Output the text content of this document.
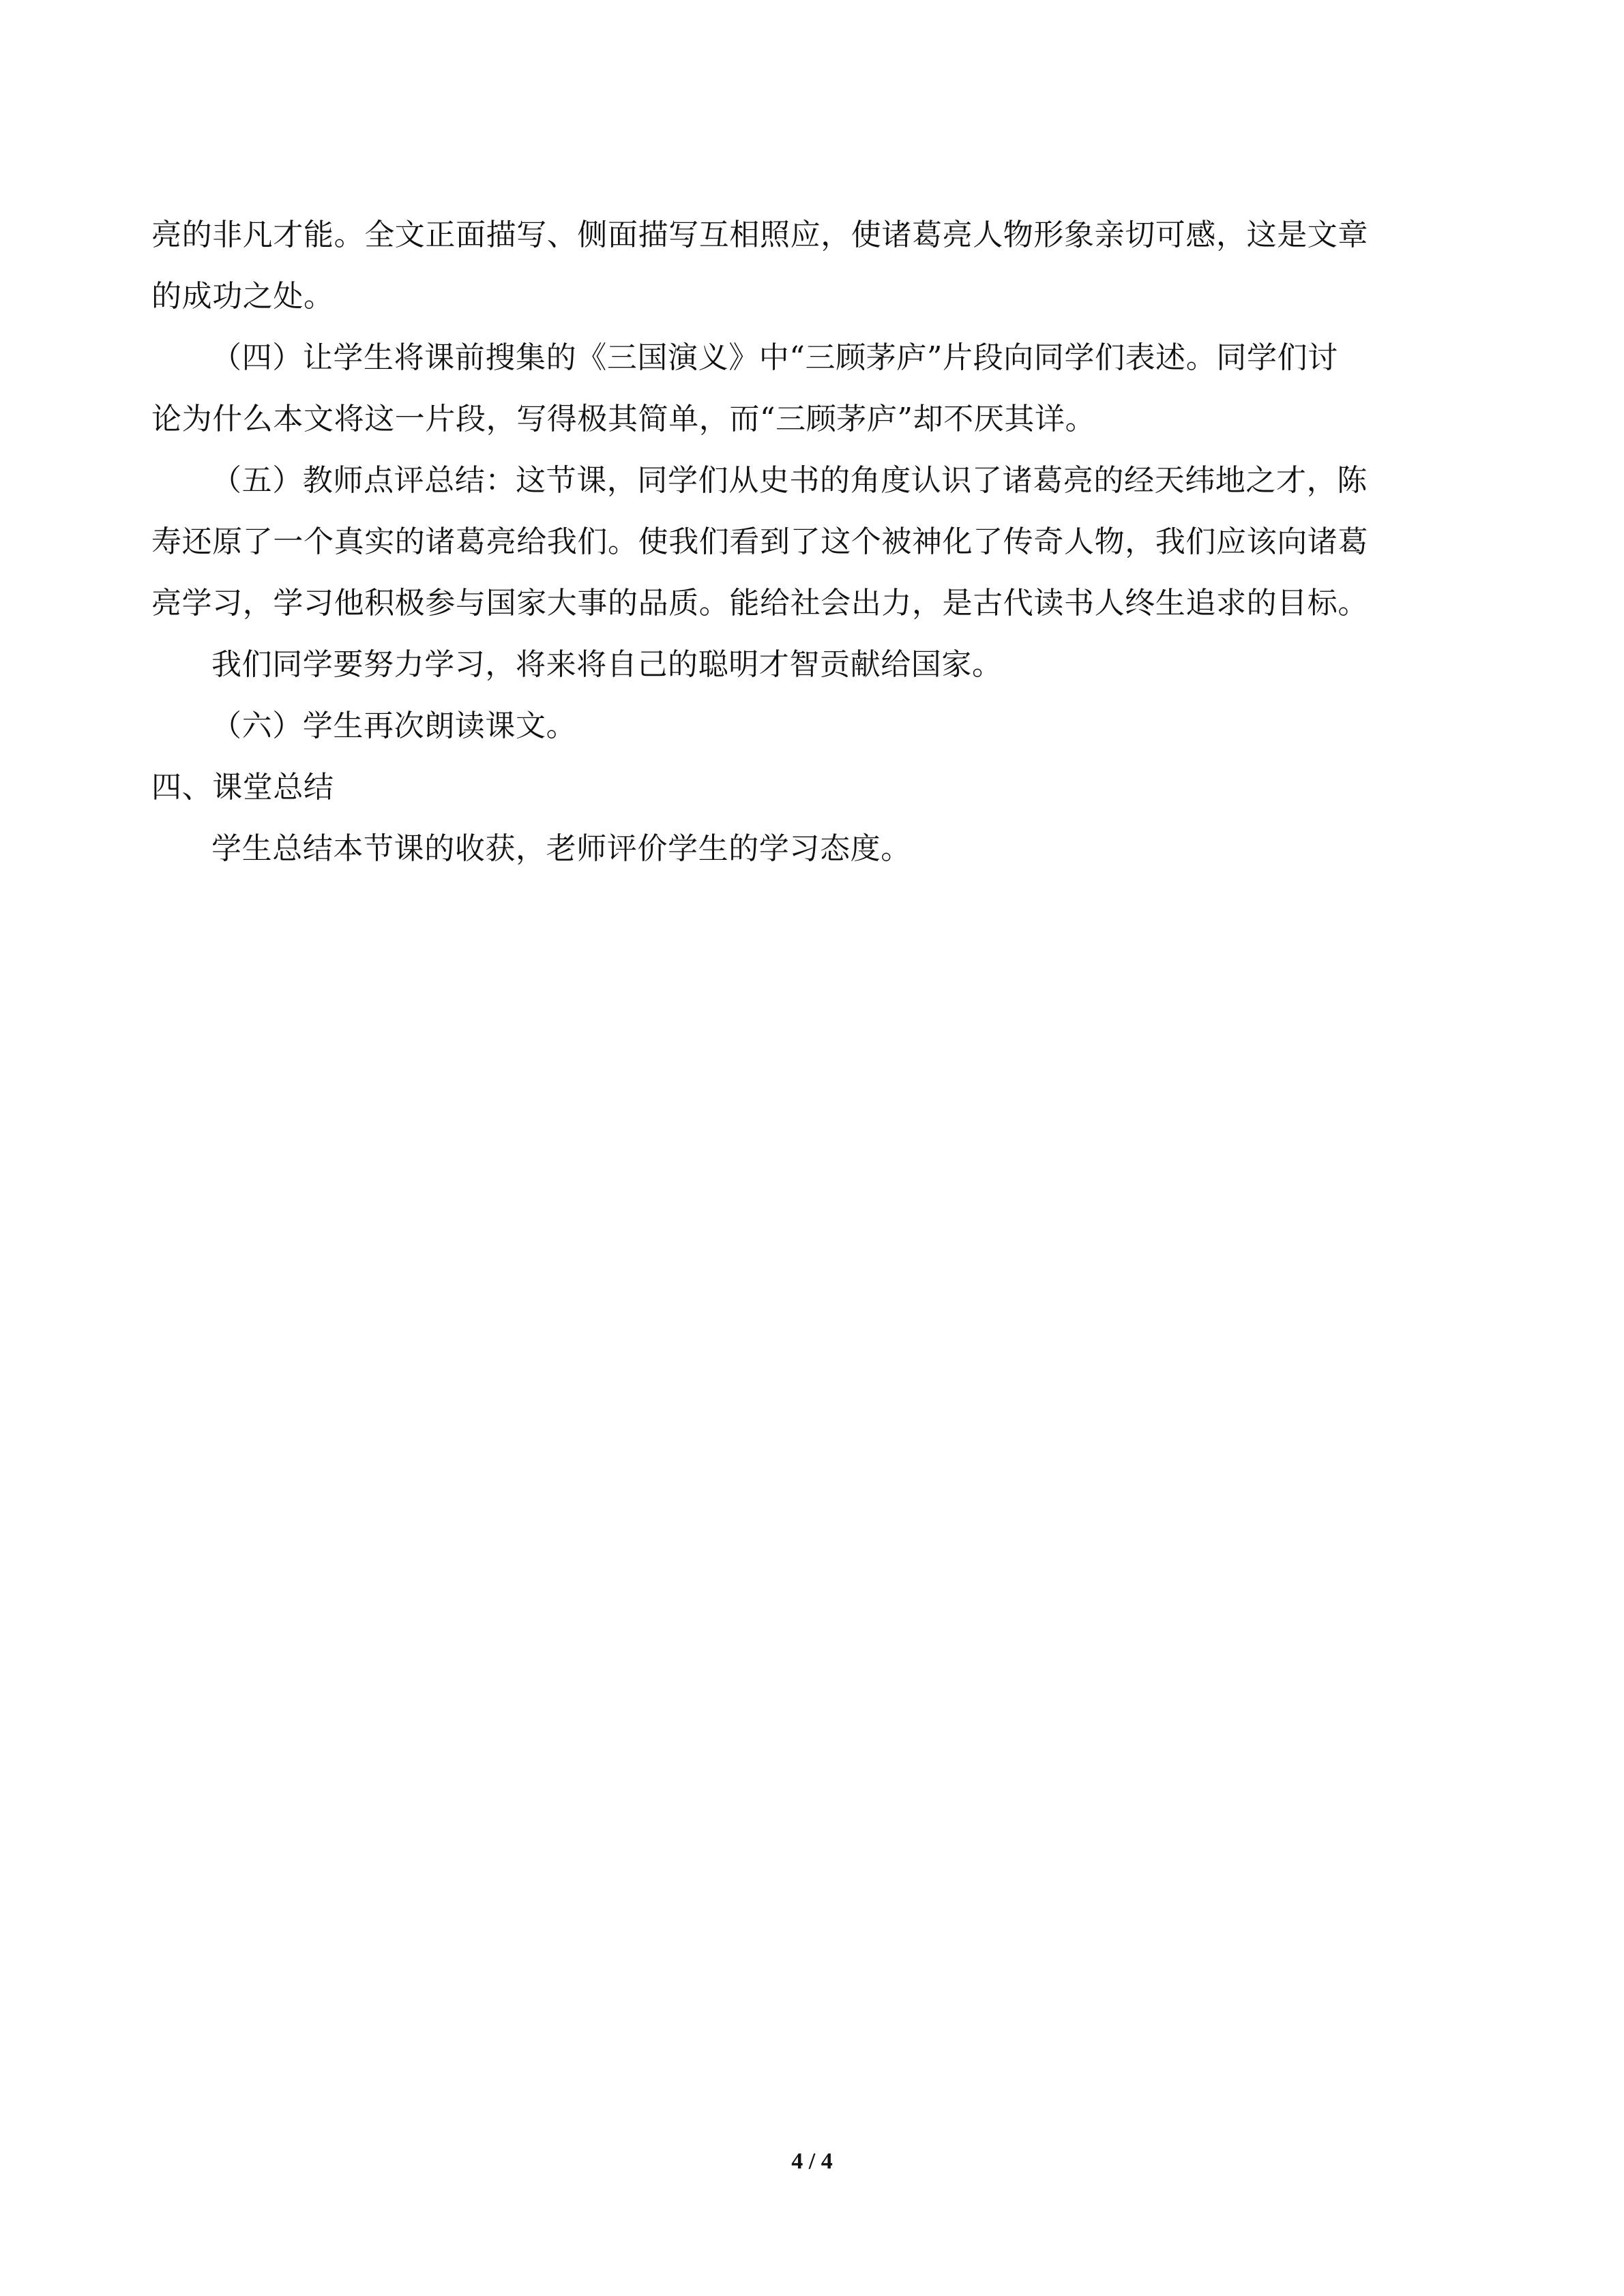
亮的非凡才能。全文正面描写、侧面描写互相照应，使诸葛亮人物形象亲切可感，这是文章
的成功之处。
（四）让学生将课前搜集的《三国演义》中“三顾茅庐”片段向同学们表述。同学们讨
论为什么本文将这一片段，写得极其简单，而“三顾茅庐”却不厌其详。
（五）教师点评总结：这节课，同学们从史书的角度认识了诸葛亮的经天纬地之才，陈
寿还原了一个真实的诸葛亮给我们。使我们看到了这个被神化了传奇人物，我们应该向诸葛
亮学习，学习他积极参与国家大事的品质。能给社会出力，是古代读书人终生追求的目标。
我们同学要努力学习，将来将自己的聪明才智贡献给国家。
（六）学生再次朗读课文。
四、课堂总结
学生总结本节课的收获，老师评价学生的学习态度。
4 / 4
